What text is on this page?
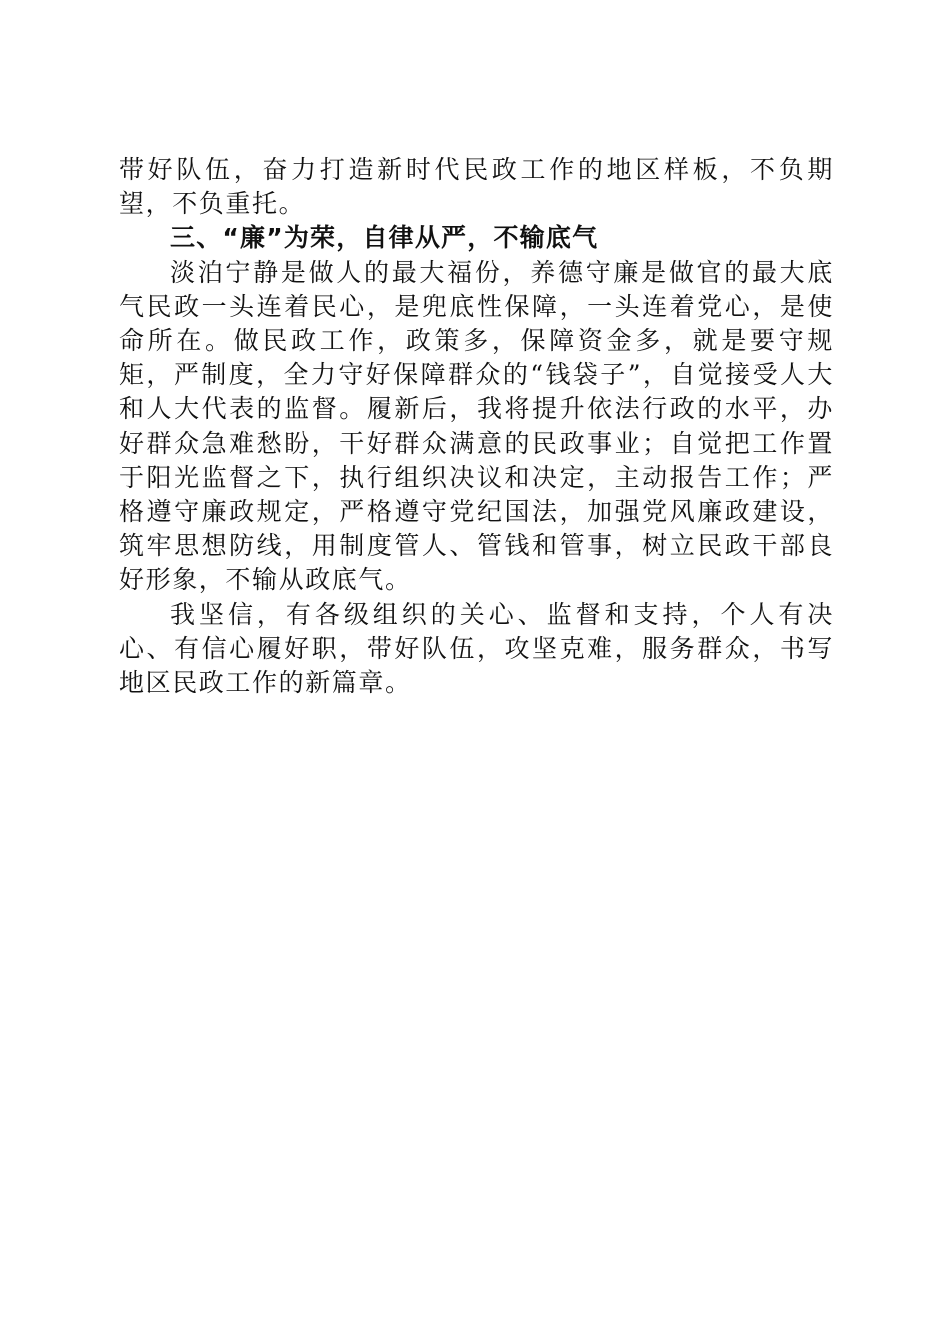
带好队伍，奋力打造新时代民政工作的地区样板，不负期望，不负重托。

三、“廉”为荣，自律从严，不输底气

淡泊宁静是做人的最大福份，养德守廉是做官的最大底气民政一头连着民心，是兜底性保障，一头连着党心，是使命所在。做民政工作，政策多，保障资金多，就是要守规矩，严制度，全力守好保障群众的“钱袋子”，自觉接受人大和人大代表的监督。履新后，我将提升依法行政的水平，办好群众急难愁盼，干好群众满意的民政事业；自觉把工作置于阳光监督之下，执行组织决议和决定，主动报告工作；严格遵守廉政规定，严格遵守党纪国法，加强党风廉政建设，筑牢思想防线，用制度管人、管钱和管事，树立民政干部良好形象，不输从政底气。

我坚信，有各级组织的关心、监督和支持，个人有决心、有信心履好职，带好队伍，攻坚克难，服务群众，书写地区民政工作的新篇章。
